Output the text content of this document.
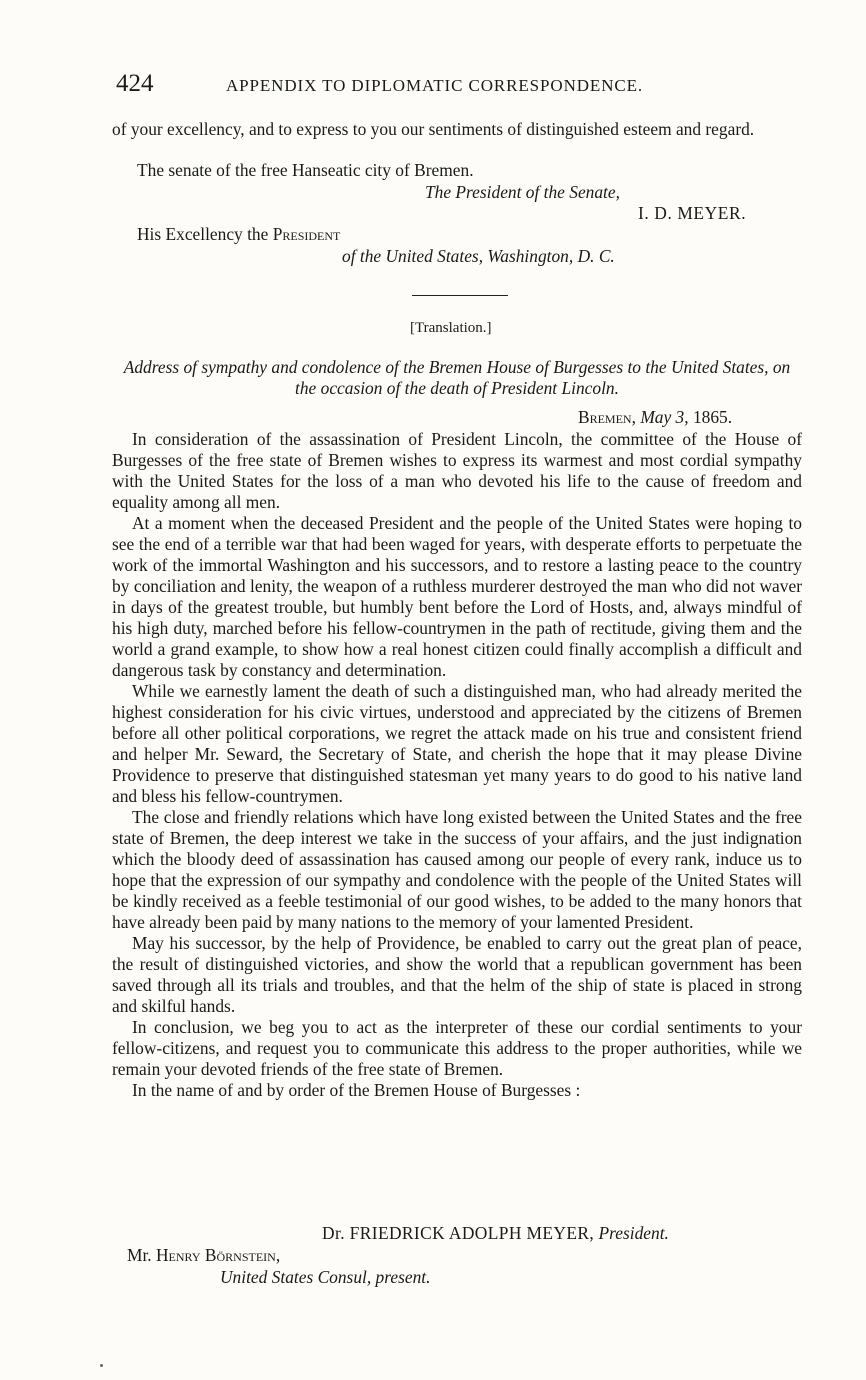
424	APPENDIX TO DIPLOMATIC CORRESPONDENCE.

of your excellency, and to express to you our sentiments of distinguished esteem and regard.

The senate of the free Hanseatic city of Bremen.
The President of the Senate,
I. D. MEYER.
His Excellency the President
of the United States, Washington, D. C.
[Translation.]
Address of sympathy and condolence of the Bremen House of Burgesses to the United States, on the occasion of the death of President Lincoln.
Bremen, May 3, 1865.

In consideration of the assassination of President Lincoln, the committee of the House of Burgesses of the free state of Bremen wishes to express its warmest and most cordial sympathy with the United States for the loss of a man who devoted his life to the cause of freedom and equality among all men.

At a moment when the deceased President and the people of the United States were hoping to see the end of a terrible war that had been waged for years, with desperate efforts to perpetuate the work of the immortal Washington and his successors, and to restore a lasting peace to the country by conciliation and lenity, the weapon of a ruthless murderer destroyed the man who did not waver in days of the greatest trouble, but humbly bent before the Lord of Hosts, and, always mindful of his high duty, marched before his fellow-countrymen in the path of rectitude, giving them and the world a grand example, to show how a real honest citizen could finally accomplish a difficult and dangerous task by constancy and determination.

While we earnestly lament the death of such a distinguished man, who had already merited the highest consideration for his civic virtues, understood and appreciated by the citizens of Bremen before all other political corporations, we regret the attack made on his true and consistent friend and helper Mr. Seward, the Secretary of State, and cherish the hope that it may please Divine Providence to preserve that distinguished statesman yet many years to do good to his native land and bless his fellow-countrymen.

The close and friendly relations which have long existed between the United States and the free state of Bremen, the deep interest we take in the success of your affairs, and the just indignation which the bloody deed of assassination has caused among our people of every rank, induce us to hope that the expression of our sympathy and condolence with the people of the United States will be kindly received as a feeble testimonial of our good wishes, to be added to the many honors that have already been paid by many nations to the memory of your lamented President.

May his successor, by the help of Providence, be enabled to carry out the great plan of peace, the result of distinguished victories, and show the world that a republican government has been saved through all its trials and troubles, and that the helm of the ship of state is placed in strong and skilful hands.

In conclusion, we beg you to act as the interpreter of these our cordial sentiments to your fellow-citizens, and request you to communicate this address to the proper authorities, while we remain your devoted friends of the free state of Bremen.

In the name of and by order of the Bremen House of Burgesses :

Dr. FRIEDRICK ADOLPH MEYER, President.
Mr. Henry Börnstein,
United States Consul, present.
